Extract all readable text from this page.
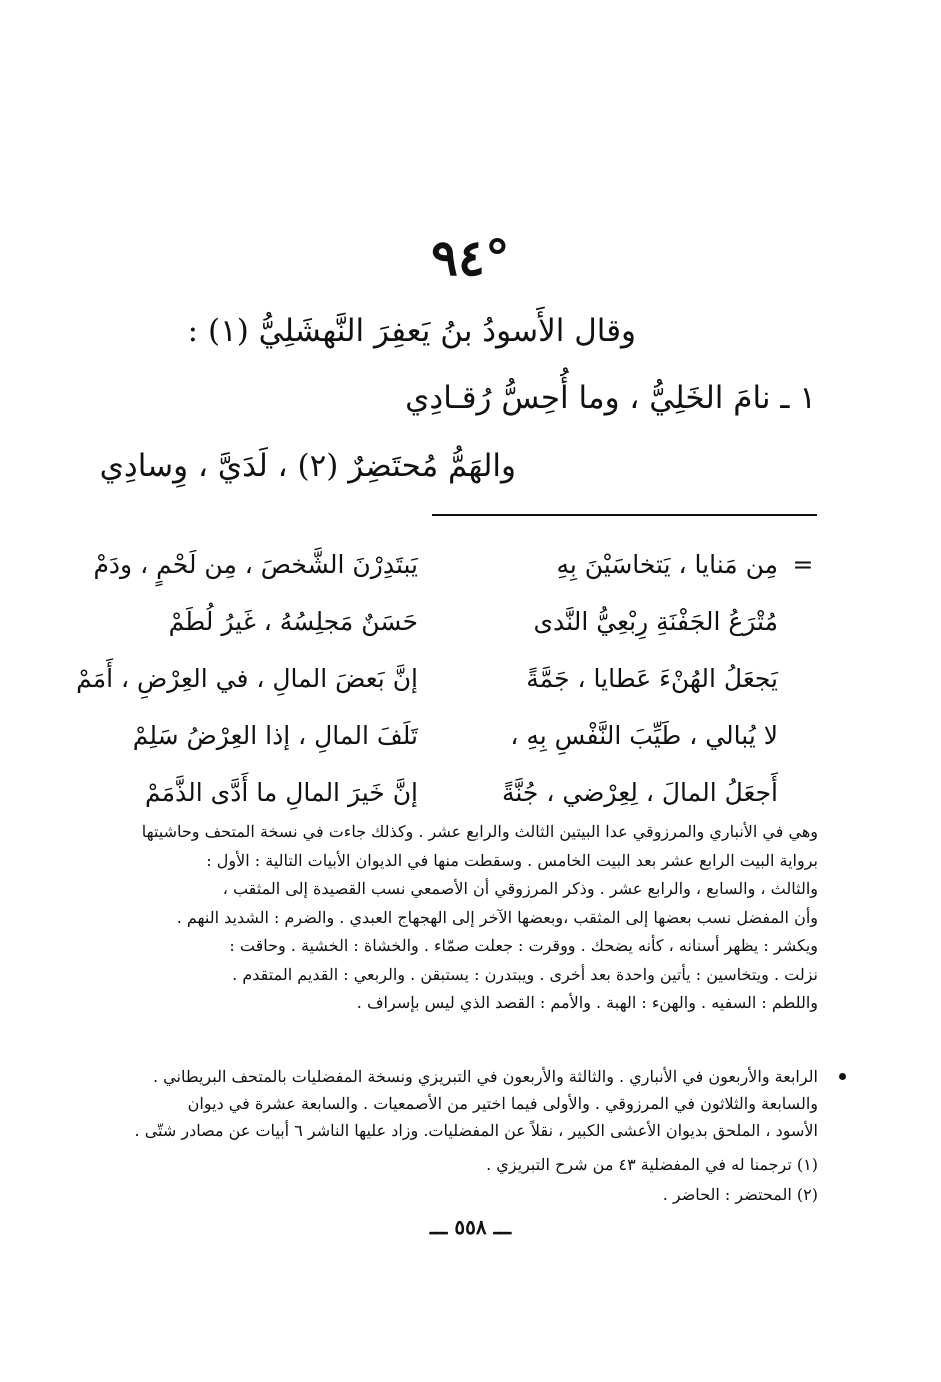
٩٤°
وقال الأَسودُ بنُ يَعفِرَ النَّهشَلِيُّ (١) :
١ ـ نامَ الخَلِيُّ ، وما أُحِسُّ رُقـادِي
والهَمُّ مُحتَضِرٌ (٢) ، لَدَيَّ ، وِسادِي
=
مِن مَنايا ، يَتخاسَيْنَ بِهِ
يَبتَدِرْنَ الشَّخصَ ، مِن لَحْمٍ ، ودَمْ
مُتْرَعُ الجَفْنَةِ رِبْعِيُّ النَّدى
حَسَنٌ مَجلِسُهُ ، غَيرُ لُطَمْ
يَجعَلُ الهُنْءَ عَطايا ، جَمَّةً
إنَّ بَعضَ المالِ ، في العِرْضِ ، أَمَمْ
لا يُبالي ، طَيِّبَ النَّفْسِ بِهِ ،
تَلَفَ المالِ ، إذا العِرْضُ سَلِمْ
أَجعَلُ المالَ ، لِعِرْضي ، جُنَّةً
إنَّ خَيرَ المالِ ما أَدَّى الذَّمَمْ

وهي في الأنباري والمرزوقي عدا البيتين الثالث والرابع عشر . وكذلك جاءت في نسخة المتحف وحاشيتها

برواية البيت الرابع عشر بعد البيت الخامس . وسقطت منها في الديوان الأبيات التالية : الأول :

والثالث ، والسابع ، والرابع عشر . وذكر المرزوقي أن الأصمعي نسب القصيدة إلى المثقب ،

وأن المفضل نسب بعضها إلى المثقب ،وبعضها الآخر إلى الهجهاج العبدي . والضرم : الشديد النهم .

ويكشر : يظهر أسنانه ، كأنه يضحك . ووقرت : جعلت صمّاء . والخشاة : الخشية . وحاقت :

نزلت . ويتخاسين : يأتين واحدة بعد أخرى . ويبتدرن : يستبقن . والربعي : القديم المتقدم .

واللطم : السفيه . والهنء : الهبة . والأمم : القصد الذي ليس بإسراف .

الرابعة والأربعون في الأنباري . والثالثة والأربعون في التبريزي ونسخة المفضليات بالمتحف البريطاني .

والسابعة والثلاثون في المرزوقي . والأولى فيما اختير من الأصمعيات . والسابعة عشرة في ديوان

الأسود ، الملحق بديوان الأعشى الكبير ، نقلاً عن المفضليات. وزاد عليها الناشر ٦ أبيات عن مصادر شتّى .

(١) ترجمنا له في المفضلية ٤٣ من شرح التبريزي .
(٢) المحتضر : الحاضر .
ـــ ٥٥٨ ـــ
